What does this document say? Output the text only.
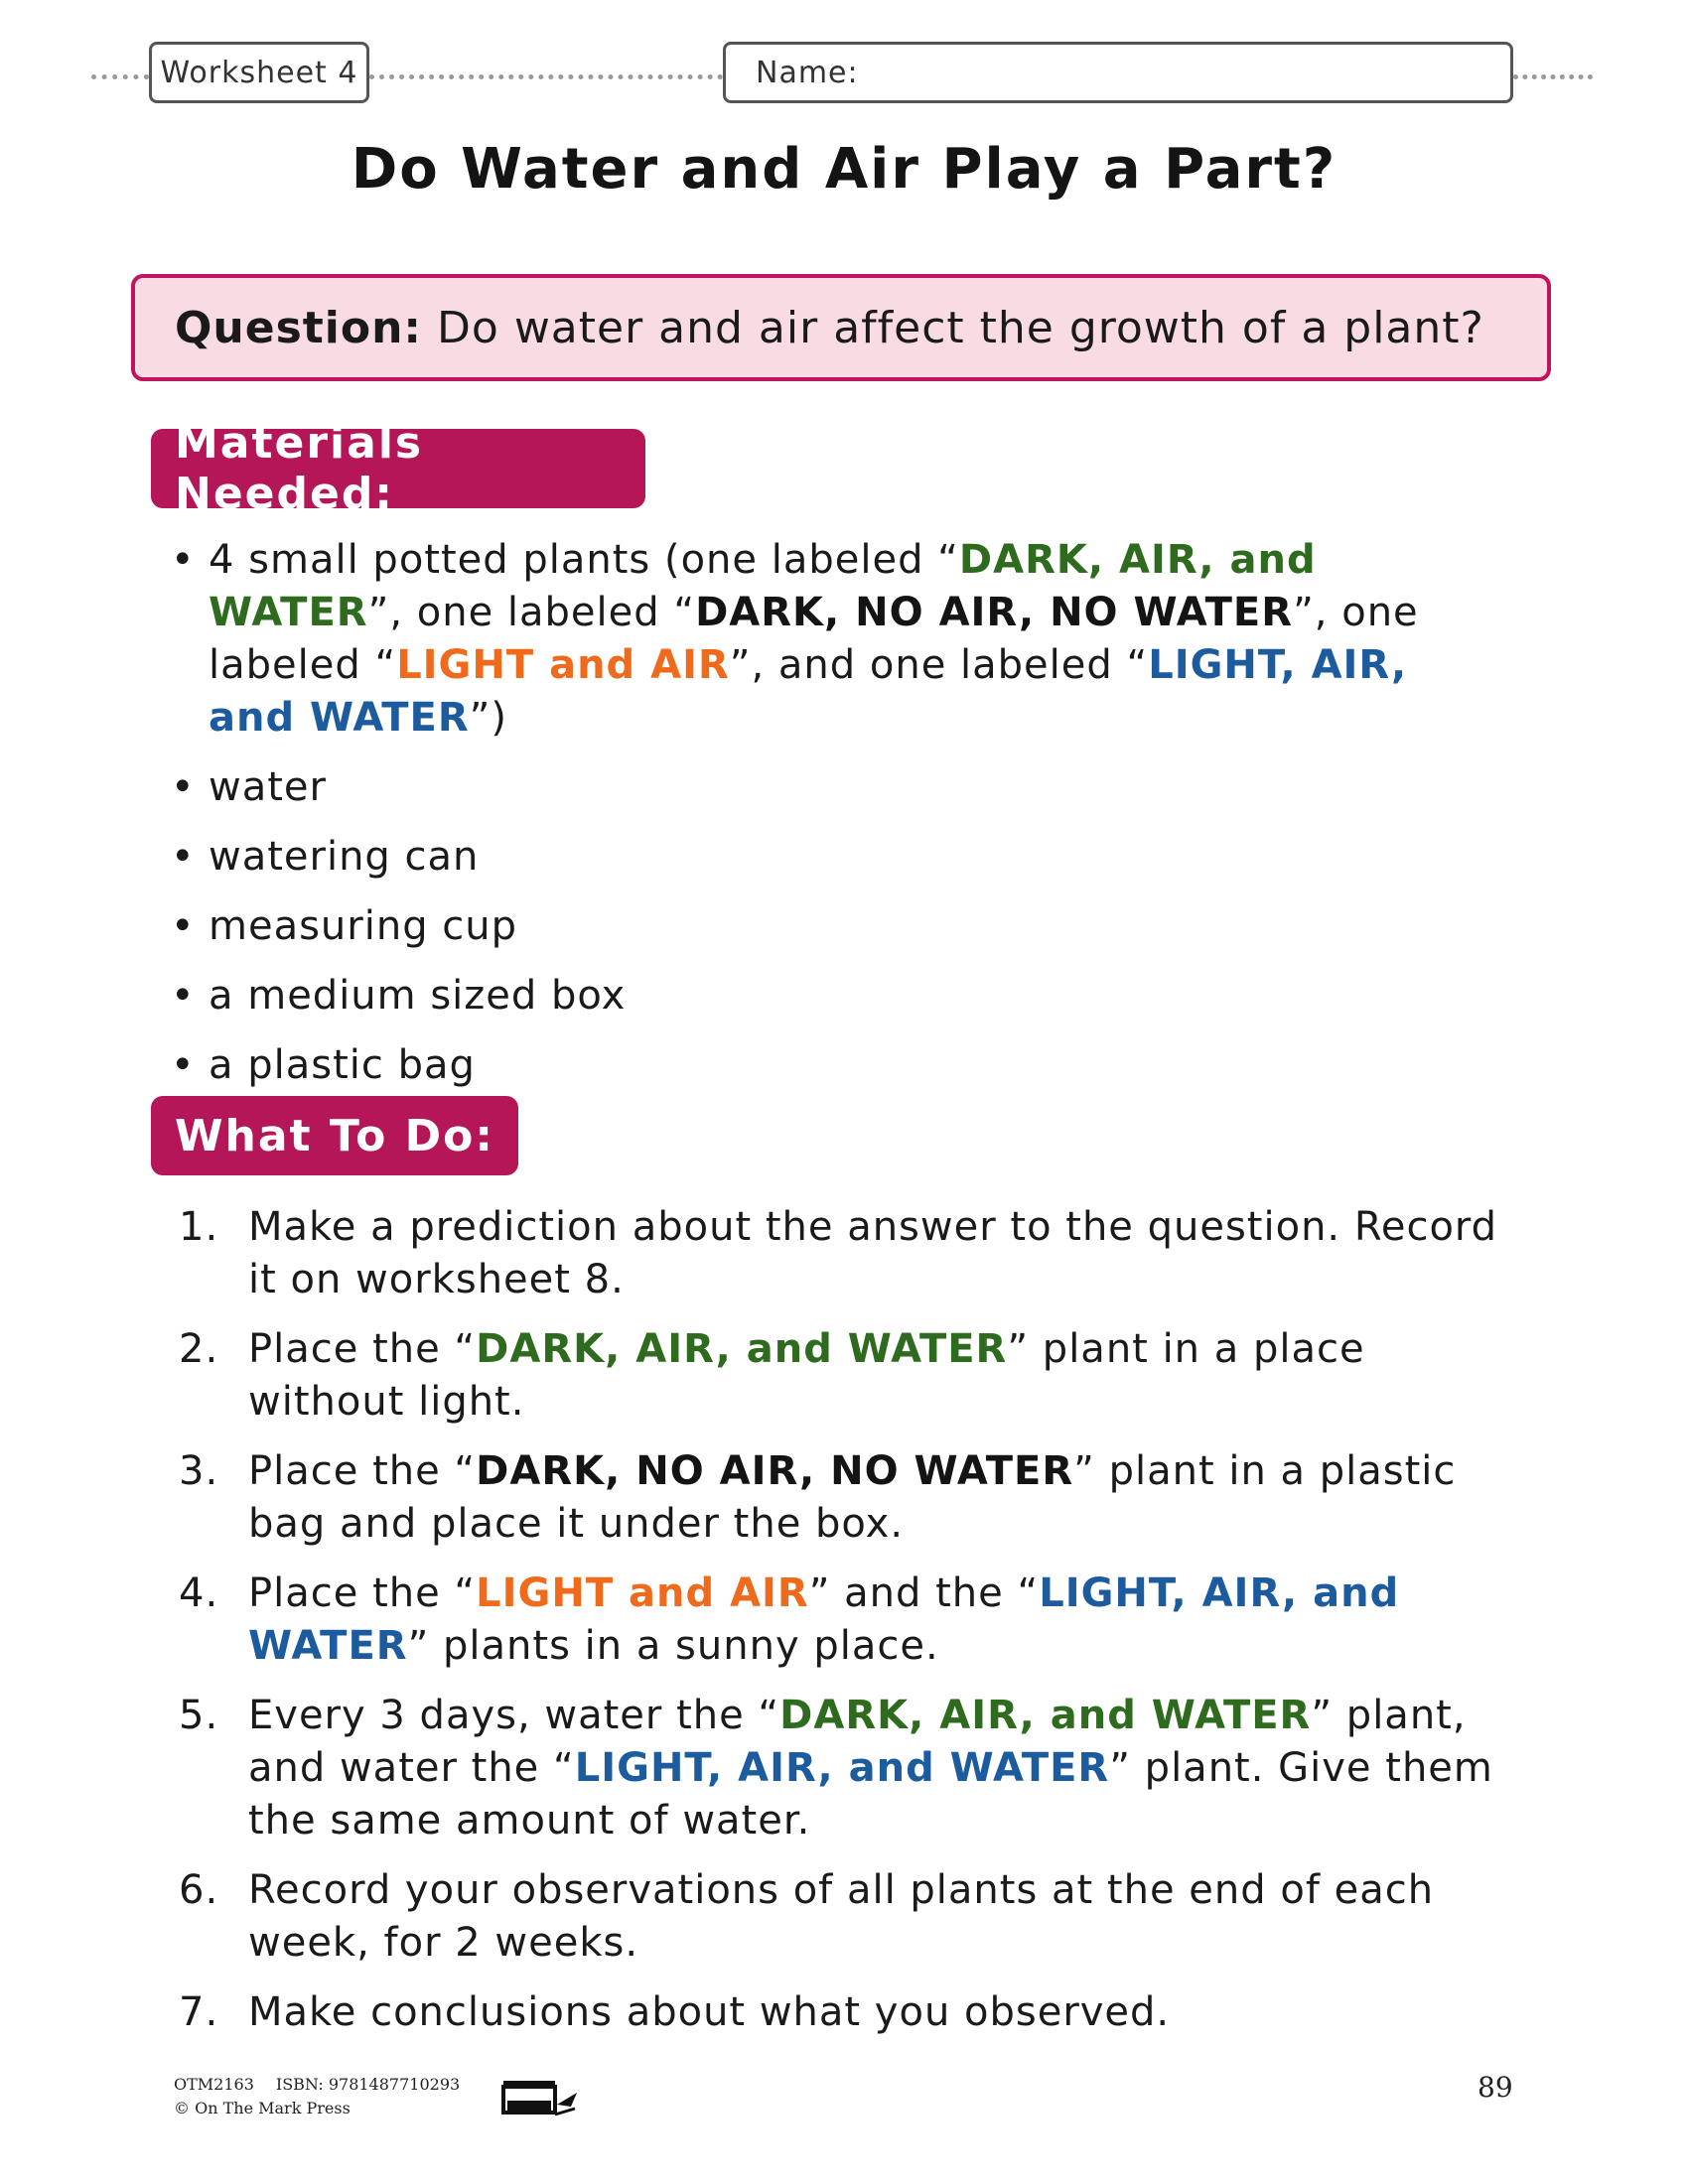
Worksheet 4	Name:
Do Water and Air Play a Part?
Question:
Do water and air affect the growth of a plant?
Materials Needed:
• 4 small potted plants (one labeled “DARK, AIR, and WATER”, one labeled “DARK, NO AIR, NO WATER”, one labeled “LIGHT and AIR”, and one labeled “LIGHT, AIR, and WATER”)
• water
• watering can
• measuring cup
• a medium sized box
• a plastic bag
What To Do:
1. Make a prediction about the answer to the question. Record it on worksheet 8.
2. Place the “DARK, AIR, and WATER” plant in a place without light.
3. Place the “DARK, NO AIR, NO WATER” plant in a plastic bag and place it under the box.
4. Place the “LIGHT and AIR” and the “LIGHT, AIR, and WATER” plants in a sunny place.
5. Every 3 days, water the “DARK, AIR, and WATER” plant, and water the “LIGHT, AIR, and WATER” plant. Give them the same amount of water.
6. Record your observations of all plants at the end of each week, for 2 weeks.
7. Make conclusions about what you observed.
OTM2163 ISBN: 9781487710293
© On The Mark Press
89
